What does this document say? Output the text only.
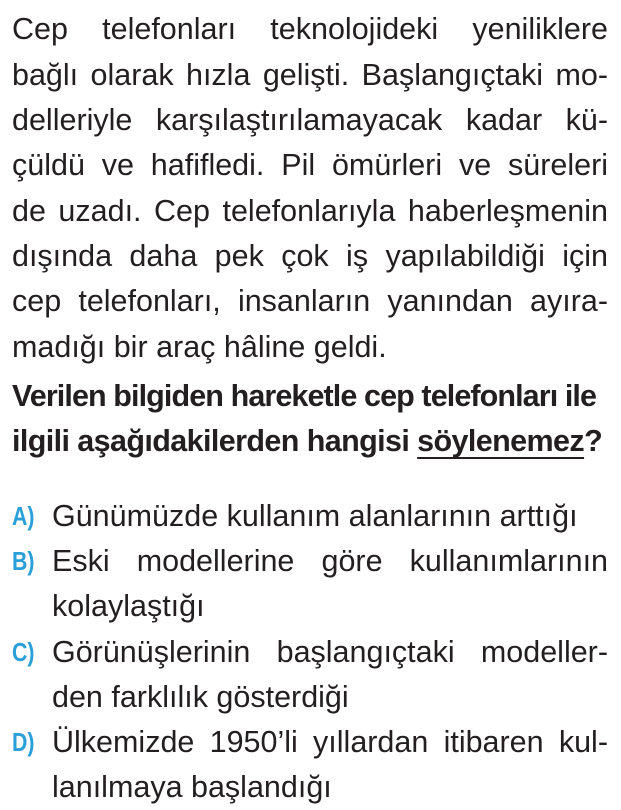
Cep telefonları teknolojideki yeniliklere
bağlı olarak hızla gelişti. Başlangıçtaki mo-
delleriyle karşılaştırılamayacak kadar kü-
çüldü ve hafifledi. Pil ömürleri ve süreleri
de uzadı. Cep telefonlarıyla haberleşmenin
dışında daha pek çok iş yapılabildiği için
cep telefonları, insanların yanından ayıra-
madığı bir araç hâline geldi.
Verilen bilgiden hareketle cep telefonları ile
ilgili aşağıdakilerden hangisi söylenemez?
A) Günümüzde kullanım alanlarının arttığı
B) Eski modellerine göre kullanımlarının
kolaylaştığı
C) Görünüşlerinin başlangıçtaki modeller-
den farklılık gösterdiği
D) Ülkemizde 1950’li yıllardan itibaren kul-
lanılmaya başlandığı
